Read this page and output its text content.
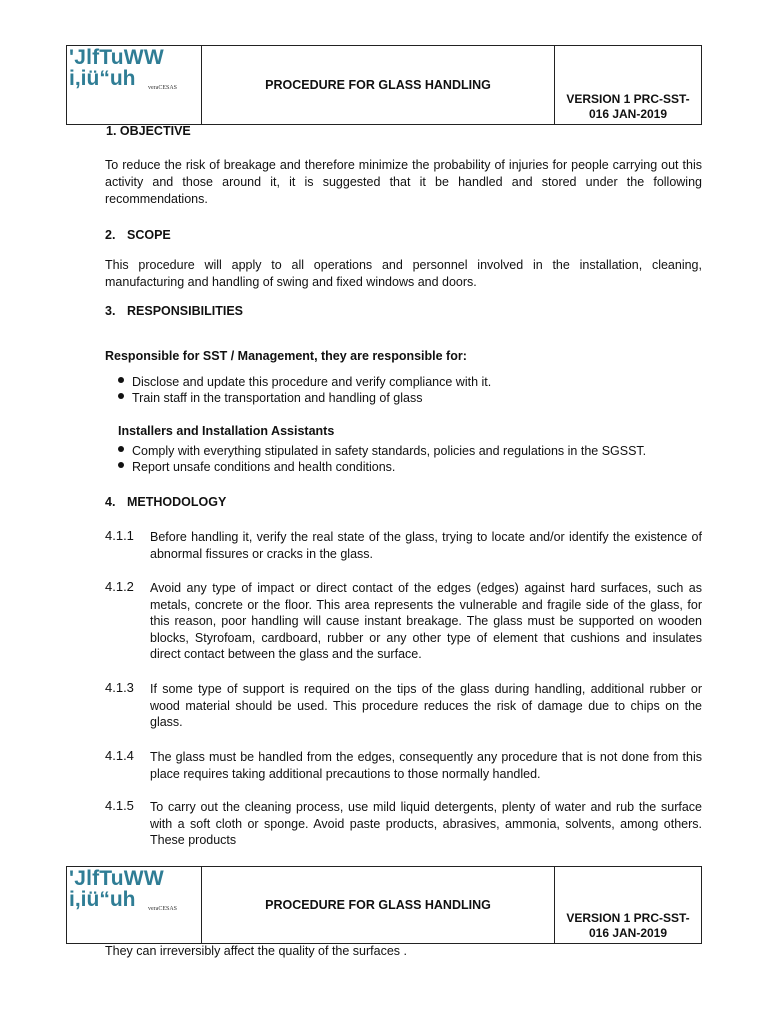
'JlfTuWW
i,iü“uh veraCESAS	PROCEDURE FOR GLASS HANDLING
VERSION 1 PRC-SST-016 JAN-2019
1. OBJECTIVE
To reduce the risk of breakage and therefore minimize the probability of injuries for people carrying out this activity and those around it, it is suggested that it be handled and stored under the following recommendations.
2. SCOPE
This procedure will apply to all operations and personnel involved in the installation, cleaning, manufacturing and handling of swing and fixed windows and doors.
3. RESPONSIBILITIES
Responsible for SST / Management, they are responsible for:
Disclose and update this procedure and verify compliance with it.
Train staff in the transportation and handling of glass
Installers and Installation Assistants
Comply with everything stipulated in safety standards, policies and regulations in the SGSST.
Report unsafe conditions and health conditions.
4. METHODOLOGY
4.1.1 Before handling it, verify the real state of the glass, trying to locate and/or identify the existence of abnormal fissures or cracks in the glass.
4.1.2 Avoid any type of impact or direct contact of the edges (edges) against hard surfaces, such as metals, concrete or the floor. This area represents the vulnerable and fragile side of the glass, for this reason, poor handling will cause instant breakage. The glass must be supported on wooden blocks, Styrofoam, cardboard, rubber or any other type of element that cushions and insulates direct contact between the glass and the surface.
4.1.3 If some type of support is required on the tips of the glass during handling, additional rubber or wood material should be used. This procedure reduces the risk of damage due to chips on the glass.
4.1.4 The glass must be handled from the edges, consequently any procedure that is not done from this place requires taking additional precautions to those normally handled.
4.1.5 To carry out the cleaning process, use mild liquid detergents, plenty of water and rub the surface with a soft cloth or sponge. Avoid paste products, abrasives, ammonia, solvents, among others. These products
'JlfTuWW
i,iü“uh veraCESAS	PROCEDURE FOR GLASS HANDLING
VERSION 1 PRC-SST-016 JAN-2019
They can irreversibly affect the quality of the surfaces .
